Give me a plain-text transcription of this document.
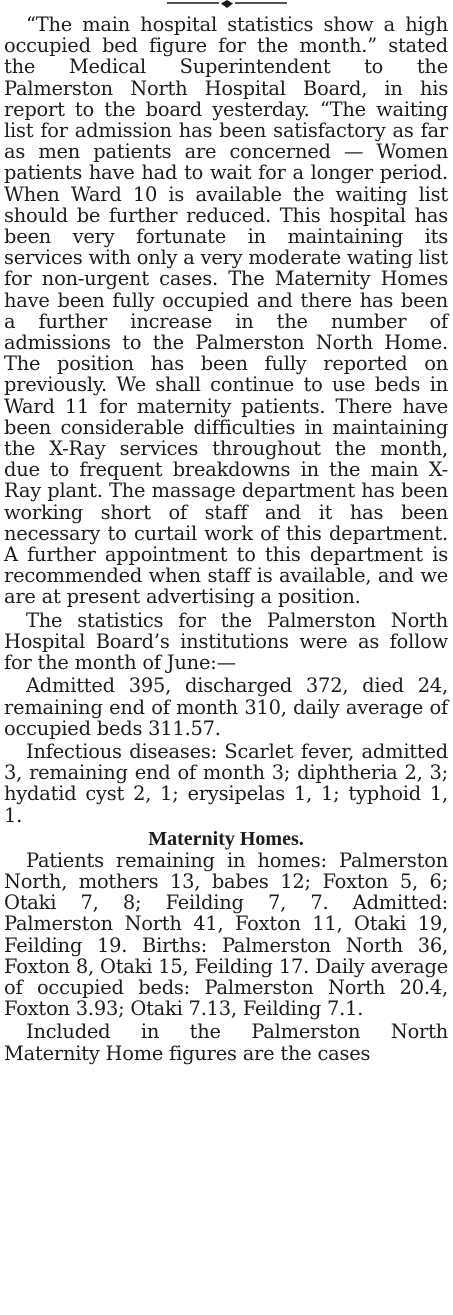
“The main hospital statistics show a high occupied bed figure for the month.” stated the Medical Superintendent to the Palmerston North Hospital Board, in his report to the board yesterday. “The waiting list for admission has been satisfactory as far as men patients are concerned — Women patients have had to wait for a longer period. When Ward 10 is available the waiting list should be further reduced. This hospital has been very fortunate in maintaining its services with only a very moderate wating list for non-urgent cases. The Maternity Homes have been fully occupied and there has been a further increase in the number of admissions to the Palmerston North Home. The position has been fully reported on previously. We shall continue to use beds in Ward 11 for maternity patients. There have been considerable difficulties in maintaining the X-Ray services throughout the month, due to frequent breakdowns in the main X-Ray plant. The massage department has been working short of staff and it has been necessary to curtail work of this department. A further appointment to this department is recommended when staff is available, and we are at present advertising a position.

The statistics for the Palmerston North Hospital Board’s institutions were as follow for the month of June:—

Admitted 395, discharged 372, died 24, remaining end of month 310, daily average of occupied beds 311.57.

Infectious diseases: Scarlet fever, admitted 3, remaining end of month 3; diphtheria 2, 3; hydatid cyst 2, 1; erysipelas 1, 1; typhoid 1, 1.

Maternity Homes.

Patients remaining in homes: Palmerston North, mothers 13, babes 12; Foxton 5, 6; Otaki 7, 8; Feilding 7, 7. Admitted: Palmerston North 41, Foxton 11, Otaki 19, Feilding 19. Births: Palmerston North 36, Foxton 8, Otaki 15, Feilding 17. Daily average of occupied beds: Palmerston North 20.4, Foxton 3.93; Otaki 7.13, Feilding 7.1.

Included in the Palmerston North Maternity Home figures are the cases
